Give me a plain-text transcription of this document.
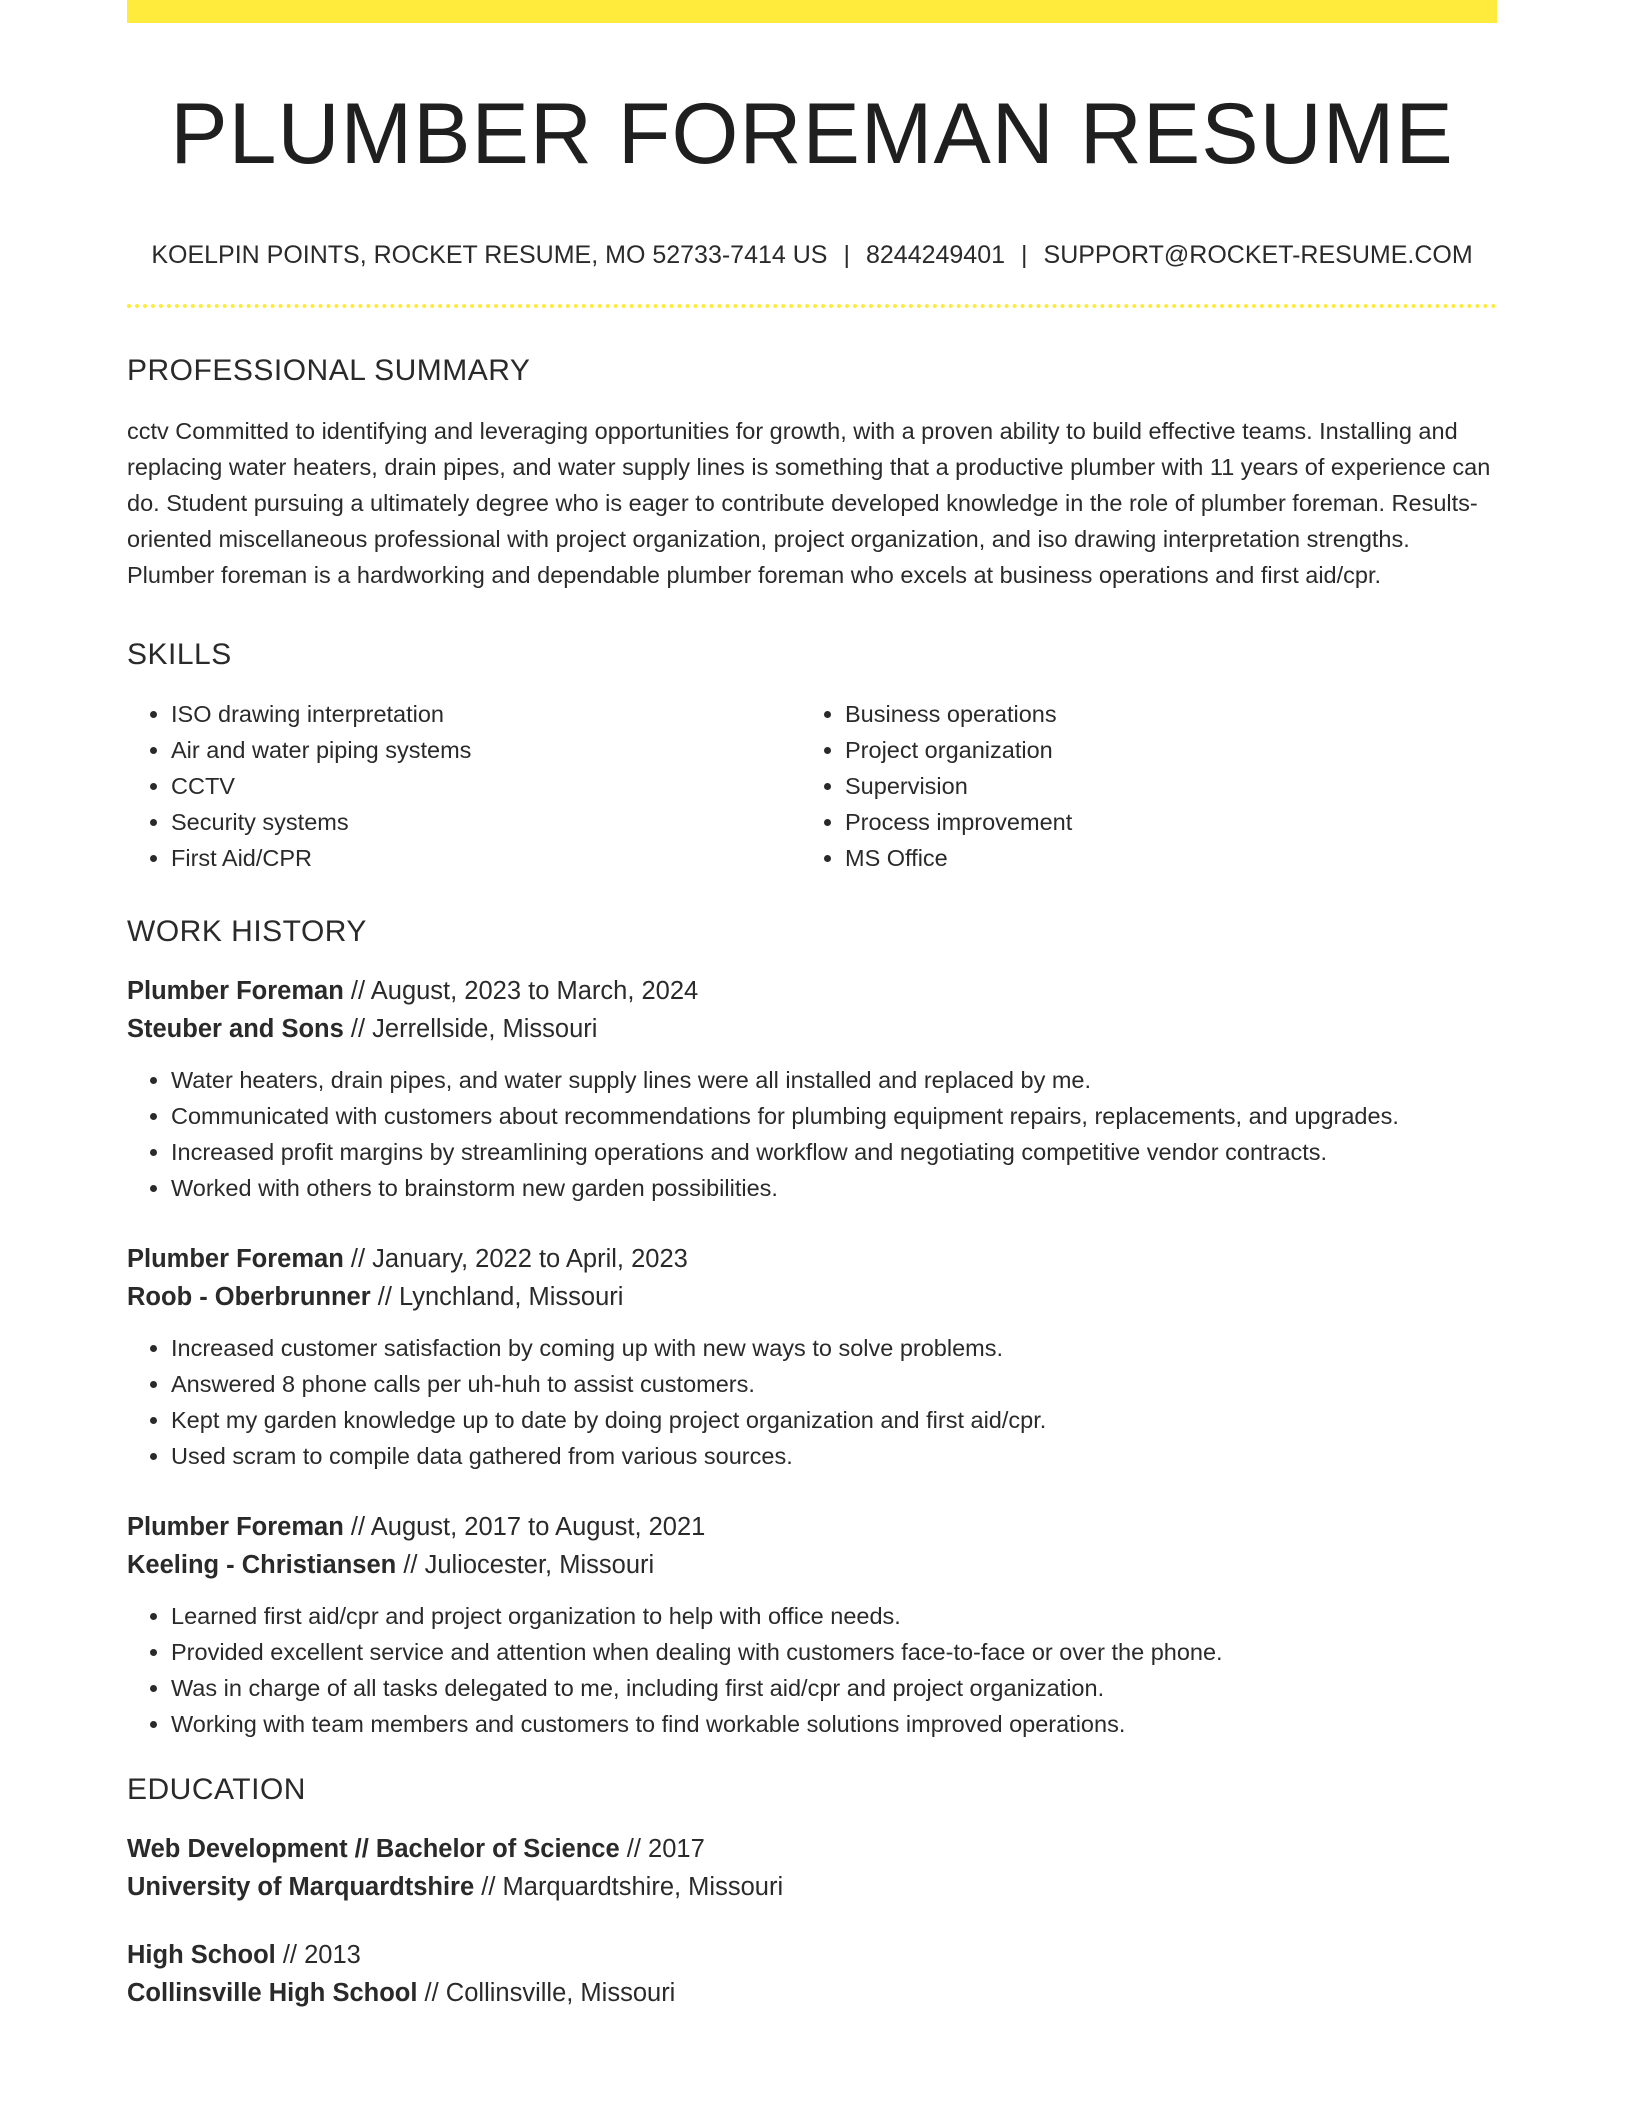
PLUMBER FOREMAN RESUME
KOELPIN POINTS, ROCKET RESUME, MO 52733-7414 US | 8244249401 | SUPPORT@ROCKET-RESUME.COM
PROFESSIONAL SUMMARY

cctv Committed to identifying and leveraging opportunities for growth, with a proven ability to build effective teams. Installing and replacing water heaters, drain pipes, and water supply lines is something that a productive plumber with 11 years of experience can do. Student pursuing a ultimately degree who is eager to contribute developed knowledge in the role of plumber foreman. Results-oriented miscellaneous professional with project organization, project organization, and iso drawing interpretation strengths. Plumber foreman is a hardworking and dependable plumber foreman who excels at business operations and first aid/cpr.

SKILLS
• ISO drawing interpretation
• Air and water piping systems
• CCTV
• Security systems
• First Aid/CPR
• Business operations
• Project organization
• Supervision
• Process improvement
• MS Office
WORK HISTORY
Plumber Foreman // August, 2023 to March, 2024
Steuber and Sons // Jerrellside, Missouri
• Water heaters, drain pipes, and water supply lines were all installed and replaced by me.
• Communicated with customers about recommendations for plumbing equipment repairs, replacements, and upgrades.
• Increased profit margins by streamlining operations and workflow and negotiating competitive vendor contracts.
• Worked with others to brainstorm new garden possibilities.
Plumber Foreman // January, 2022 to April, 2023
Roob - Oberbrunner // Lynchland, Missouri
• Increased customer satisfaction by coming up with new ways to solve problems.
• Answered 8 phone calls per uh-huh to assist customers.
• Kept my garden knowledge up to date by doing project organization and first aid/cpr.
• Used scram to compile data gathered from various sources.
Plumber Foreman // August, 2017 to August, 2021
Keeling - Christiansen // Juliocester, Missouri
• Learned first aid/cpr and project organization to help with office needs.
• Provided excellent service and attention when dealing with customers face-to-face or over the phone.
• Was in charge of all tasks delegated to me, including first aid/cpr and project organization.
• Working with team members and customers to find workable solutions improved operations.
EDUCATION
Web Development // Bachelor of Science // 2017
University of Marquardtshire // Marquardtshire, Missouri
High School // 2013
Collinsville High School // Collinsville, Missouri
